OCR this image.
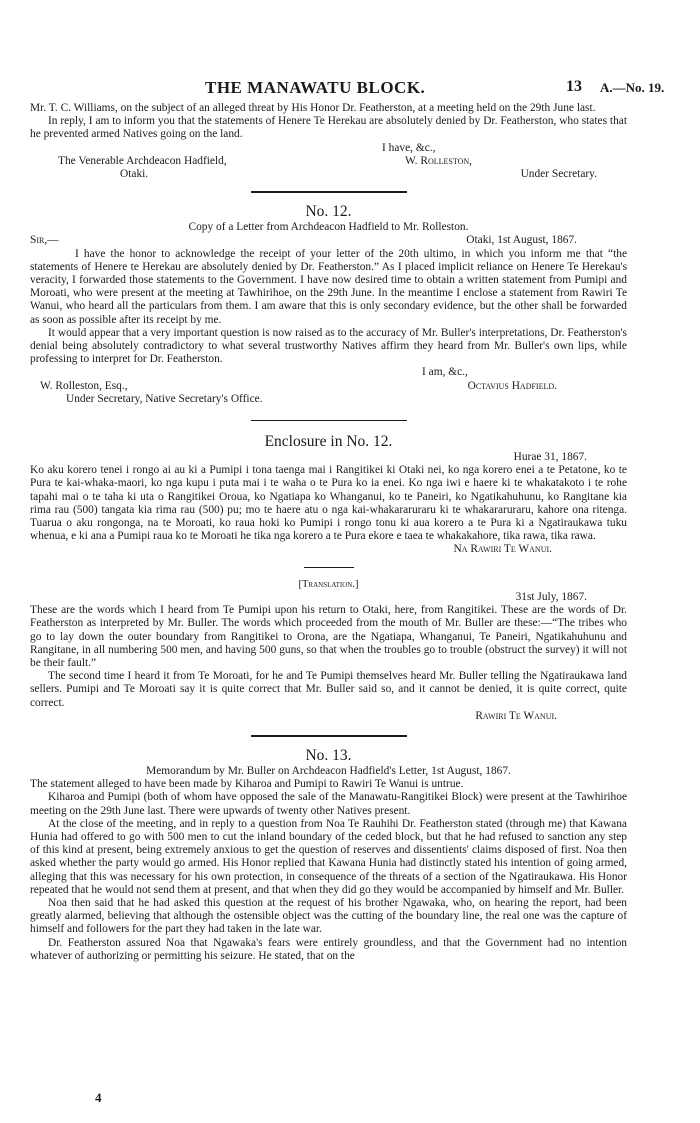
THE MANAWATU BLOCK.	13 A.—No. 19.

Mr. T. C. Williams, on the subject of an alleged threat by His Honor Dr. Featherston, at a meeting held on the 29th June last.

In reply, I am to inform you that the statements of Henere Te Herekau are absolutely denied by Dr. Featherston, who states that he prevented armed Natives going on the land.

I have, &c.,

The Venerable Archdeacon Hadfield,	W. Rolleston,
Otaki.	Under Secretary.
No. 12.
Copy of a Letter from Archdeacon Hadfield to Mr. Rolleston.
Sir,—	Otaki, 1st August, 1867.

I have the honor to acknowledge the receipt of your letter of the 20th ultimo, in which you inform me that “the statements of Henere te Herekau are absolutely denied by Dr. Featherston.” As I placed implicit reliance on Henere Te Herekau's veracity, I forwarded those statements to the Government. I have now desired time to obtain a written statement from Pumipi and Moroati, who were present at the meeting at Tawhirihoe, on the 29th June. In the meantime I enclose a statement from Rawiri Te Wanui, who heard all the particulars from them. I am aware that this is only secondary evidence, but the other shall be forwarded as soon as possible after its receipt by me.

It would appear that a very important question is now raised as to the accuracy of Mr. Buller's interpretations, Dr. Featherston's denial being absolutely contradictory to what several trustworthy Natives affirm they heard from Mr. Buller's own lips, while professing to interpret for Dr. Featherston.

I am, &c.,

W. Rolleston, Esq.,	Octavius Hadfield.

Under Secretary, Native Secretary's Office.

Enclosure in No. 12.

Hurae 31, 1867.

Ko aku korero tenei i rongo ai au ki a Pumipi i tona taenga mai i Rangitikei ki Otaki nei, ko nga korero enei a te Petatone, ko te Pura te kai-whaka-maori, ko nga kupu i puta mai i te waha o te Pura ko ia enei. Ko nga iwi e haere ki te whakatakoto i te rohe tapahi mai o te taha ki uta o Rangitikei Oroua, ko Ngatiapa ko Whanganui, ko te Paneiri, ko Ngatikahuhunu, ko Rangitane kia rima rau (500) tangata kia rima rau (500) pu; mo te haere atu o nga kai-whakararuraru ki te whakararuraru, kahore ona ritenga. Tuarua o aku rongonga, na te Moroati, ko raua hoki ko Pumipi i rongo tonu ki aua korero a te Pura ki a Ngatiraukawa tuku whenua, e ki ana a Pumipi raua ko te Moroati he tika nga korero a te Pura ekore e taea te whakakahore, tika rawa, tika rawa.

Na Rawiri Te Wanui.

[Translation.]

31st July, 1867.

These are the words which I heard from Te Pumipi upon his return to Otaki, here, from Rangitikei. These are the words of Dr. Featherston as interpreted by Mr. Buller. The words which proceeded from the mouth of Mr. Buller are these:—“The tribes who go to lay down the outer boundary from Rangitikei to Orona, are the Ngatiapa, Whanganui, Te Paneiri, Ngatikahuhunu and Rangitane, in all numbering 500 men, and having 500 guns, so that when the troubles go to trouble (obstruct the survey) it will not be their fault.”

The second time I heard it from Te Moroati, for he and Te Pumipi themselves heard Mr. Buller telling the Ngatiraukawa land sellers. Pumipi and Te Moroati say it is quite correct that Mr. Buller said so, and it cannot be denied, it is quite correct, quite correct.

Rawiri Te Wanui.

No. 13.
Memorandum by Mr. Buller on Archdeacon Hadfield's Letter, 1st August, 1867.

The statement alleged to have been made by Kiharoa and Pumipi to Rawiri Te Wanui is untrue.

Kiharoa and Pumipi (both of whom have opposed the sale of the Manawatu-Rangitikei Block) were present at the Tawhirihoe meeting on the 29th June last. There were upwards of twenty other Natives present.

At the close of the meeting, and in reply to a question from Noa Te Rauhihi Dr. Featherston stated (through me) that Kawana Hunia had offered to go with 500 men to cut the inland boundary of the ceded block, but that he had refused to sanction any step of this kind at present, being extremely anxious to get the question of reserves and dissentients' claims disposed of first. Noa then asked whether the party would go armed. His Honor replied that Kawana Hunia had distinctly stated his intention of going armed, alleging that this was necessary for his own protection, in consequence of the threats of a section of the Ngatiraukawa. His Honor repeated that he would not send them at present, and that when they did go they would be accompanied by himself and Mr. Buller.

Noa then said that he had asked this question at the request of his brother Ngawaka, who, on hearing the report, had been greatly alarmed, believing that although the ostensible object was the cutting of the boundary line, the real one was the capture of himself and followers for the part they had taken in the late war.

Dr. Featherston assured Noa that Ngawaka's fears were entirely groundless, and that the Government had no intention whatever of authorizing or permitting his seizure. He stated, that on the

4
